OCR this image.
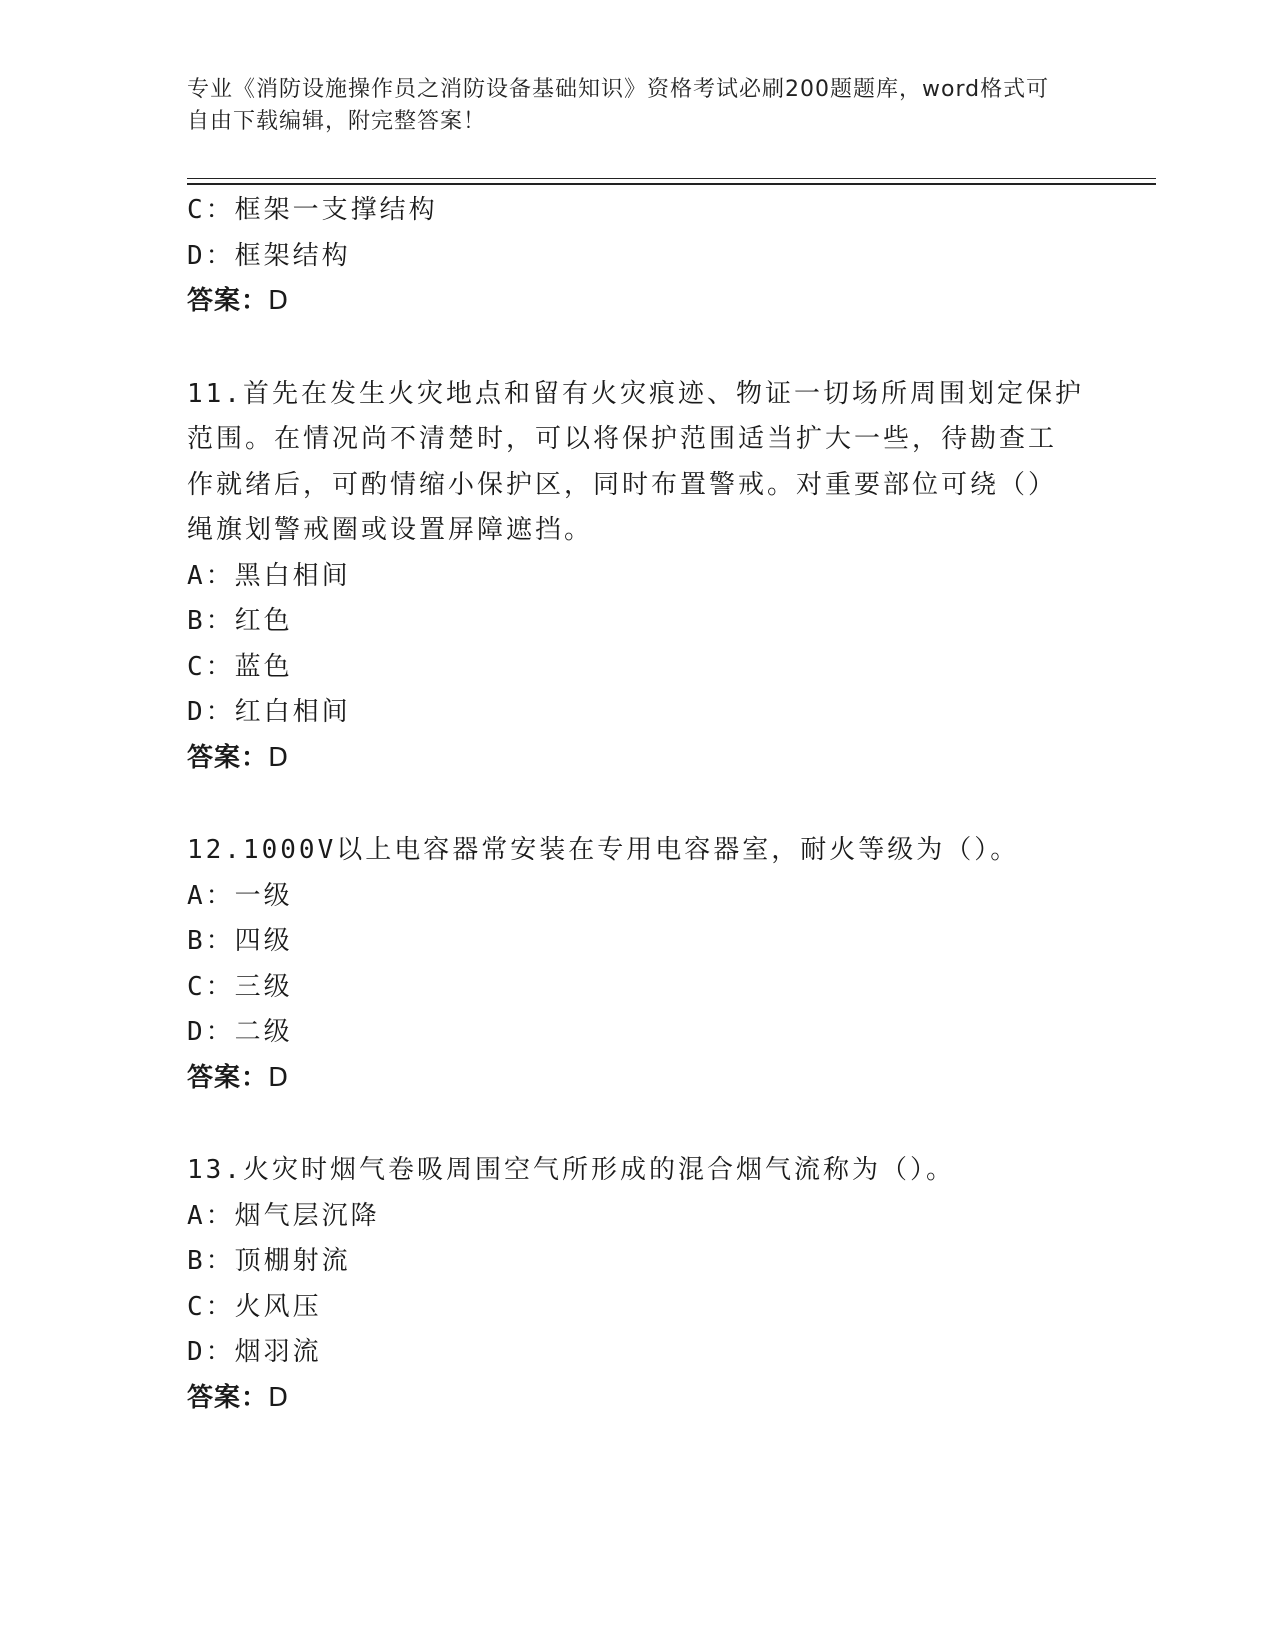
专业《消防设施操作员之消防设备基础知识》资格考试必刷200题题库，word格式可自由下载编辑，附完整答案！
C：框架一支撑结构
D：框架结构
答案：D
11.首先在发生火灾地点和留有火灾痕迹、物证一切场所周围划定保护
范围。在情况尚不清楚时，可以将保护范围适当扩大一些，待勘查工
作就绪后，可酌情缩小保护区，同时布置警戒。对重要部位可绕（）
绳旗划警戒圈或设置屏障遮挡。
A：黑白相间
B：红色
C：蓝色
D：红白相间
答案：D
12.1000V以上电容器常安装在专用电容器室，耐火等级为（）。
A：一级
B：四级
C：三级
D：二级
答案：D
13.火灾时烟气卷吸周围空气所形成的混合烟气流称为（）。
A：烟气层沉降
B：顶棚射流
C：火风压
D：烟羽流
答案：D
